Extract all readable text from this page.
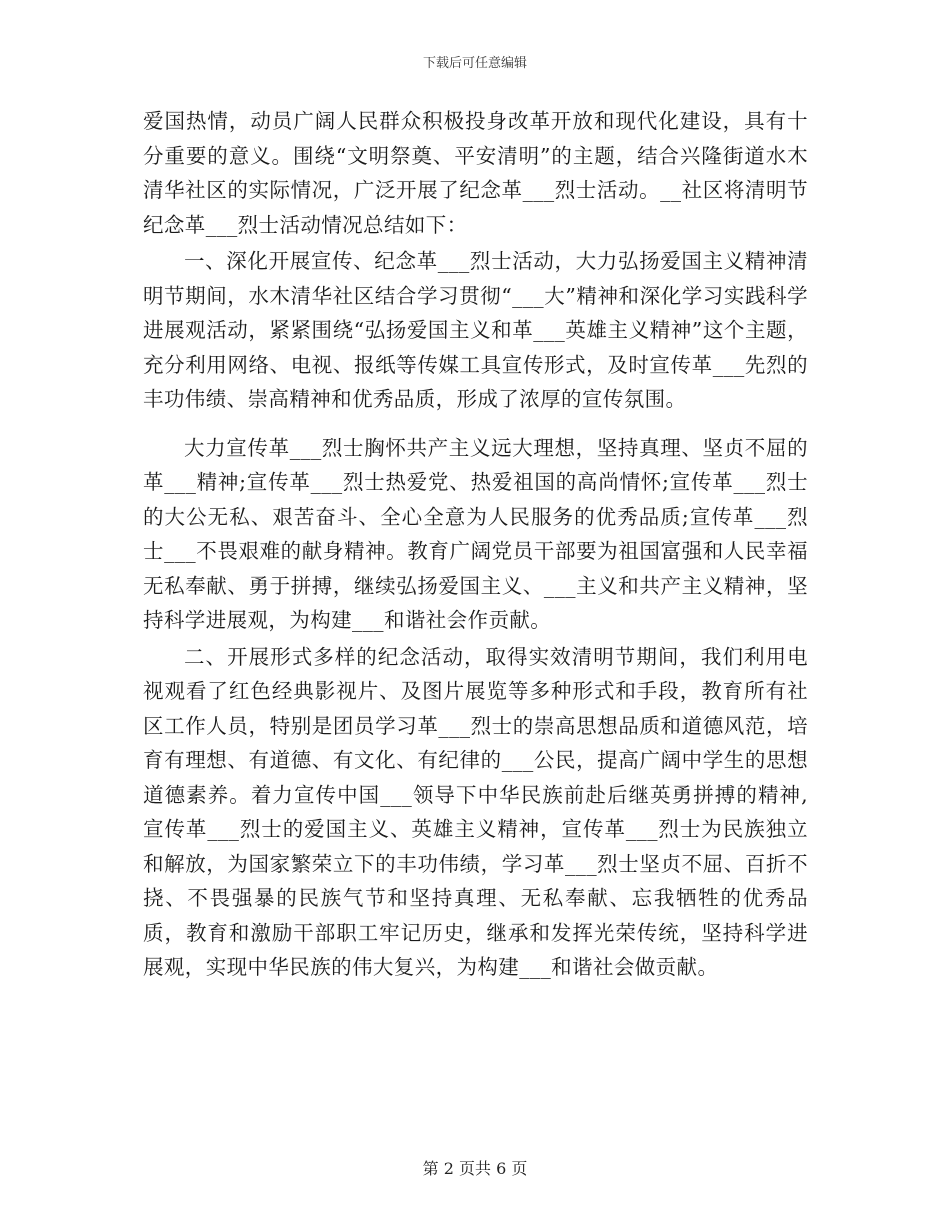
下载后可任意编辑

爱国热情，动员广阔人民群众积极投身改革开放和现代化建设，具有十分重要的意义。围绕“文明祭奠、平安清明”的主题，结合兴隆街道水木清华社区的实际情况，广泛开展了纪念革___烈士活动。__社区将清明节纪念革___烈士活动情况总结如下：

一、深化开展宣传、纪念革___烈士活动，大力弘扬爱国主义精神清明节期间，水木清华社区结合学习贯彻“___大”精神和深化学习实践科学进展观活动，紧紧围绕“弘扬爱国主义和革___英雄主义精神”这个主题，充分利用网络、电视、报纸等传媒工具宣传形式，及时宣传革___先烈的丰功伟绩、崇高精神和优秀品质，形成了浓厚的宣传氛围。

大力宣传革___烈士胸怀共产主义远大理想，坚持真理、坚贞不屈的革___精神;宣传革___烈士热爱党、热爱祖国的高尚情怀;宣传革___烈士的大公无私、艰苦奋斗、全心全意为人民服务的优秀品质;宣传革___烈士___不畏艰难的献身精神。教育广阔党员干部要为祖国富强和人民幸福无私奉献、勇于拼搏，继续弘扬爱国主义、___主义和共产主义精神，坚持科学进展观，为构建___和谐社会作贡献。

二、开展形式多样的纪念活动，取得实效清明节期间，我们利用电视观看了红色经典影视片、及图片展览等多种形式和手段，教育所有社区工作人员，特别是团员学习革___烈士的崇高思想品质和道德风范，培育有理想、有道德、有文化、有纪律的___公民，提高广阔中学生的思想道德素养。着力宣传中国___领导下中华民族前赴后继英勇拼搏的精神,宣传革___烈士的爱国主义、英雄主义精神，宣传革___烈士为民族独立和解放，为国家繁荣立下的丰功伟绩，学习革___烈士坚贞不屈、百折不挠、不畏强暴的民族气节和坚持真理、无私奉献、忘我牺牲的优秀品质，教育和激励干部职工牢记历史，继承和发挥光荣传统，坚持科学进展观，实现中华民族的伟大复兴，为构建___和谐社会做贡献。

第 2 页共 6 页
